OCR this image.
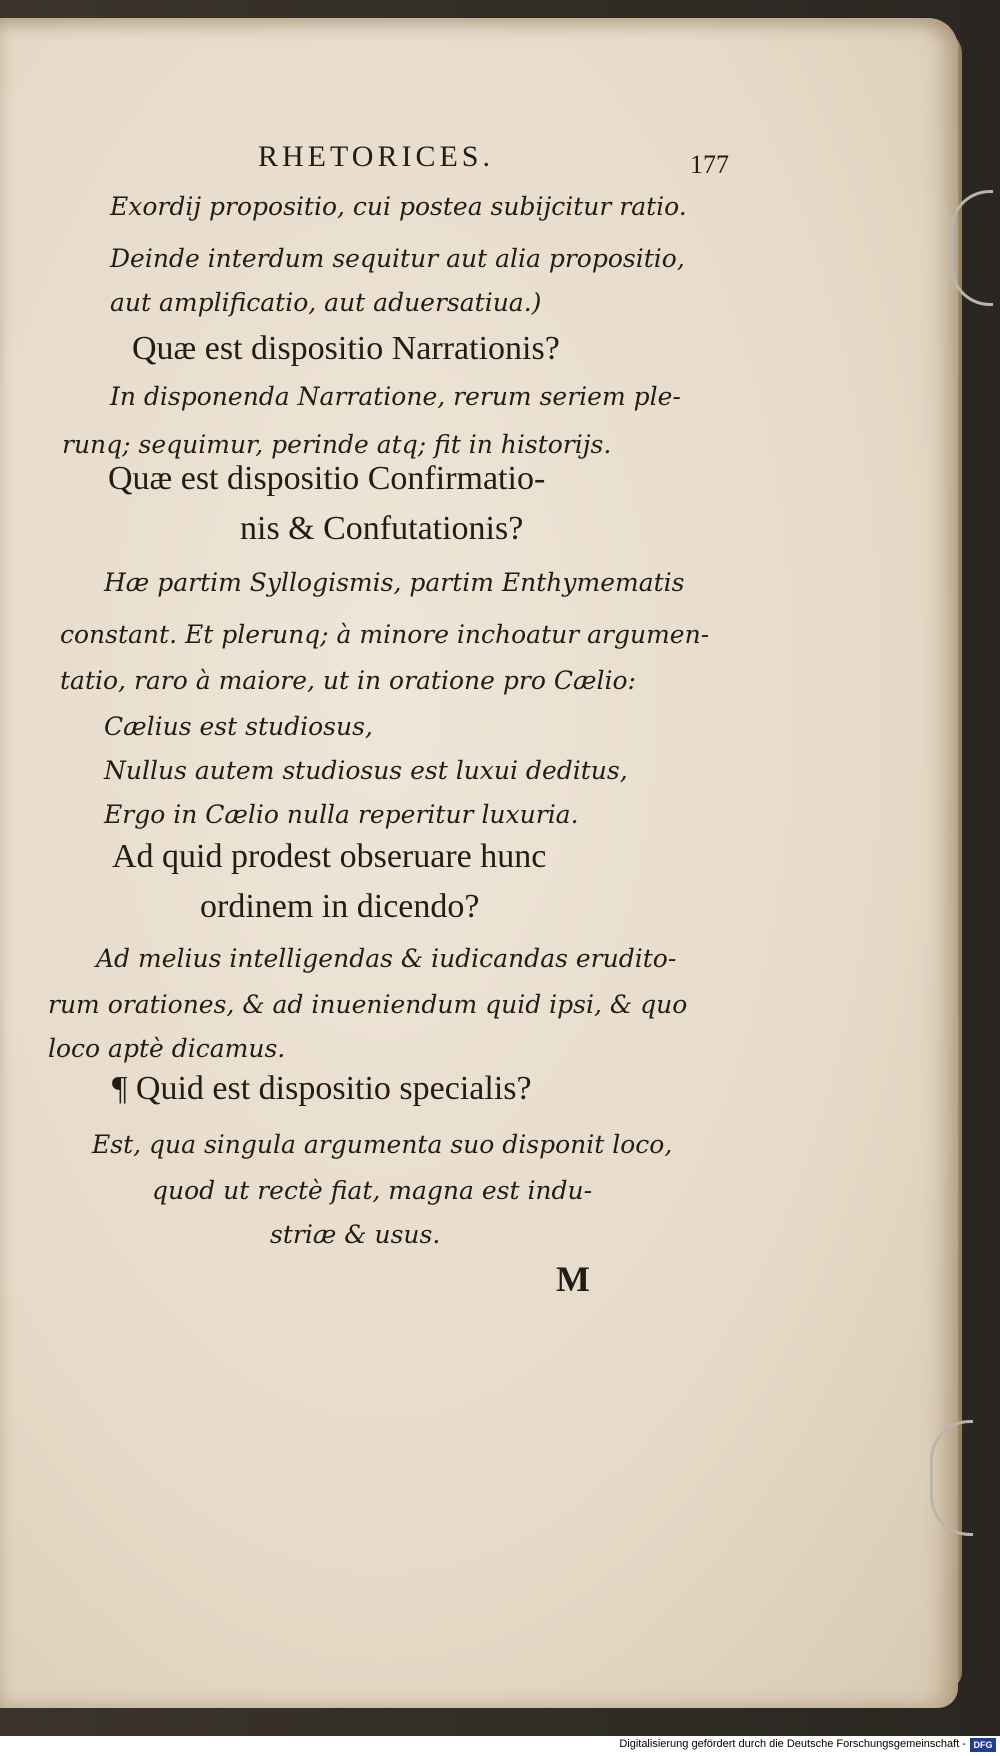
RHETORICES.	177
Exordij propositio, cui postea subijcitur ratio.
Deinde interdum sequitur aut alia propositio,
aut amplificatio, aut aduersatiua.)
Quæ est dispositio Narrationis?
In disponenda Narratione, rerum seriem ple-
runq; sequimur, perinde atq; fit in historijs.
Quæ est dispositio Confirmatio-
nis & Confutationis?
Hæ partim Syllogismis, partim Enthymematis
constant. Et plerunq; à minore inchoatur argumen-
tatio, raro à maiore, ut in oratione pro Cælio:
Cælius est studiosus,
Nullus autem studiosus est luxui deditus,
Ergo in Cælio nulla reperitur luxuria.
Ad quid prodest obseruare hunc
ordinem in dicendo?
Ad melius intelligendas & iudicandas erudito-
rum orationes, & ad inueniendum quid ipsi, & quo
loco aptè dicamus.
¶ Quid est dispositio specialis?
Est, qua singula argumenta suo disponit loco,
quod ut rectè fiat, magna est indu-
striæ & usus.
M
Digitalisierung gefördert durch die Deutsche Forschungsgemeinschaft - DFG
